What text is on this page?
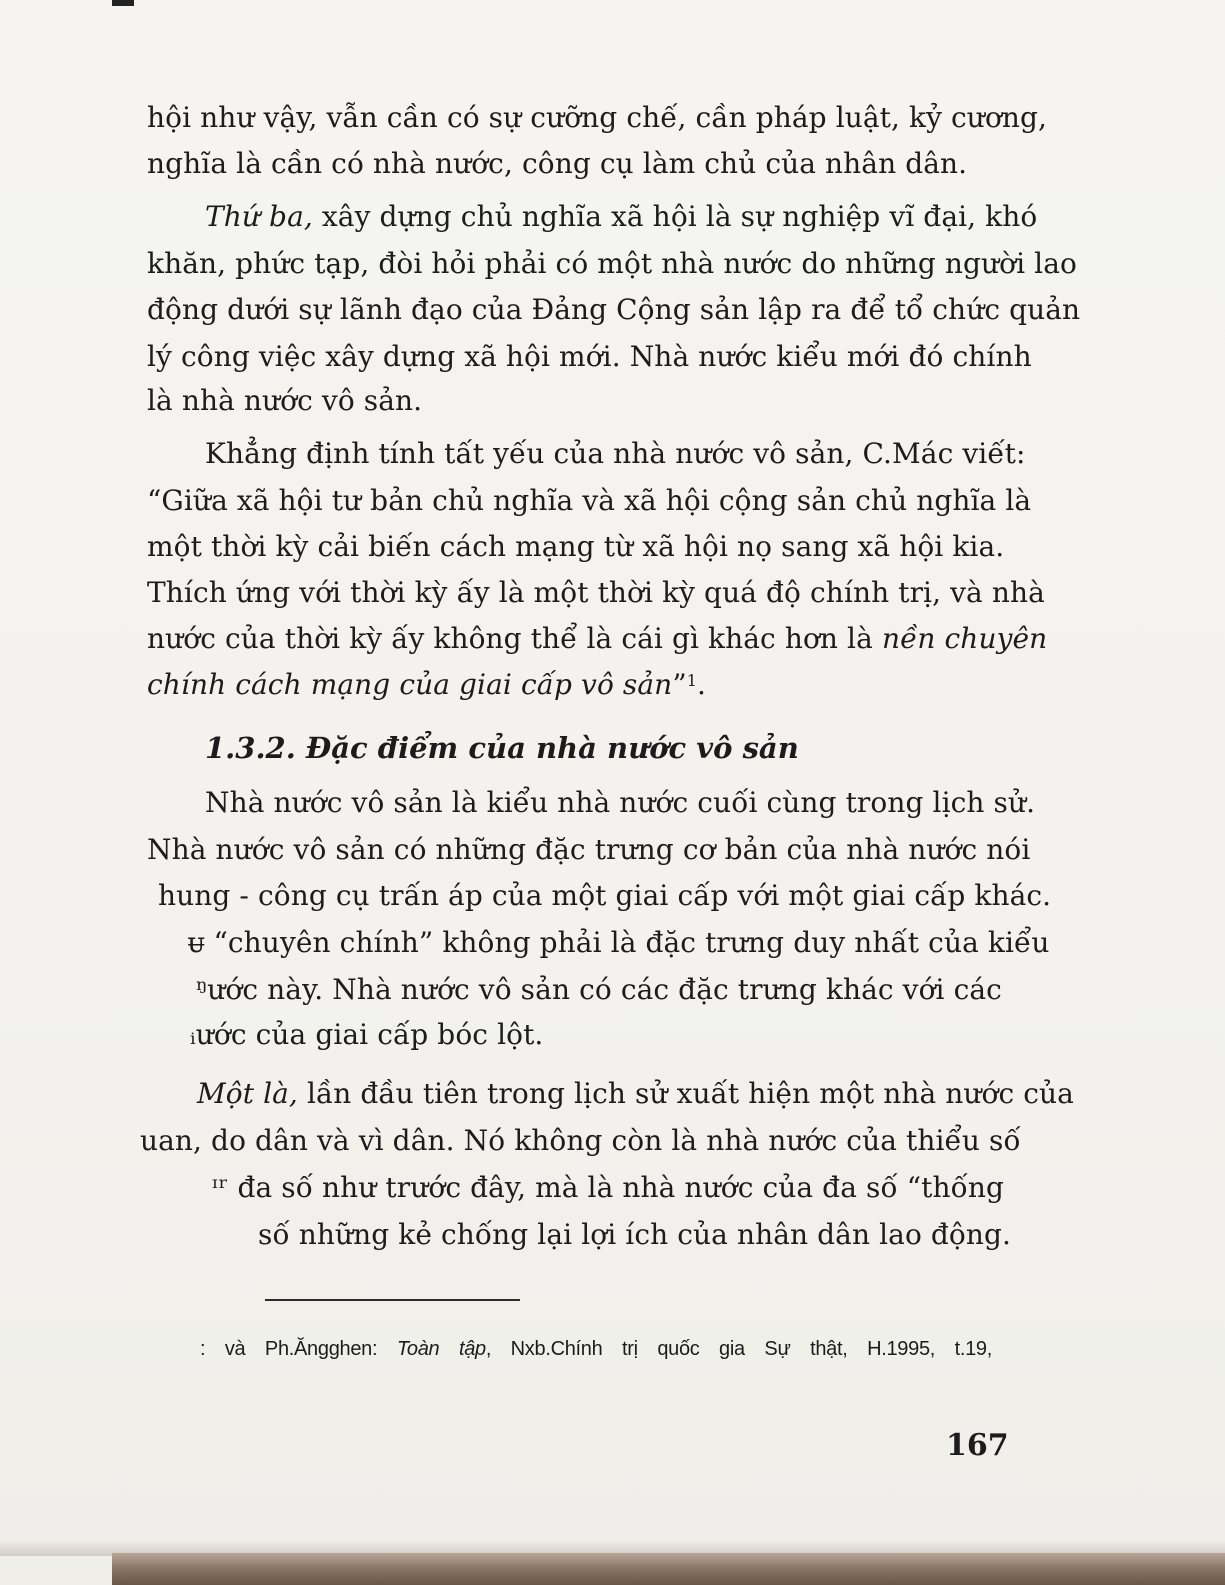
hội như vậy, vẫn cần có sự cưỡng chế, cần pháp luật, kỷ cương,
nghĩa là cần có nhà nước, công cụ làm chủ của nhân dân.
Thứ ba, xây dựng chủ nghĩa xã hội là sự nghiệp vĩ đại, khó
khăn, phức tạp, đòi hỏi phải có một nhà nước do những người lao
động dưới sự lãnh đạo của Đảng Cộng sản lập ra để tổ chức quản
lý công việc xây dựng xã hội mới. Nhà nước kiểu mới đó chính
là nhà nước vô sản.
Khẳng định tính tất yếu của nhà nước vô sản, C.Mác viết:
“Giữa xã hội tư bản chủ nghĩa và xã hội cộng sản chủ nghĩa là
một thời kỳ cải biến cách mạng từ xã hội nọ sang xã hội kia.
Thích ứng với thời kỳ ấy là một thời kỳ quá độ chính trị, và nhà
nước của thời kỳ ấy không thể là cái gì khác hơn là nền chuyên
chính cách mạng của giai cấp vô sản”$^1$.
1.3.2. Đặc điểm của nhà nước vô sản
Nhà nước vô sản là kiểu nhà nước cuối cùng trong lịch sử.
Nhà nước vô sản có những đặc trưng cơ bản của nhà nước nói
hung - công cụ trấn áp của một giai cấp với một giai cấp khác.
ᵾ “chuyên chính” không phải là đặc trưng duy nhất của kiểu
ᵑước này. Nhà nước vô sản có các đặc trưng khác với các
ᵢước của giai cấp bóc lột.
Một là, lần đầu tiên trong lịch sử xuất hiện một nhà nước của
uan, do dân và vì dân. Nó không còn là nhà nước của thiểu số
ᶦʳ đa số như trước đây, mà là nhà nước của đa số “thống
số những kẻ chống lại lợi ích của nhân dân lao động.
: và Ph.Ăngghen: Toàn tập, Nxb.Chính trị quốc gia Sự thật, H.1995, t.19,
167
